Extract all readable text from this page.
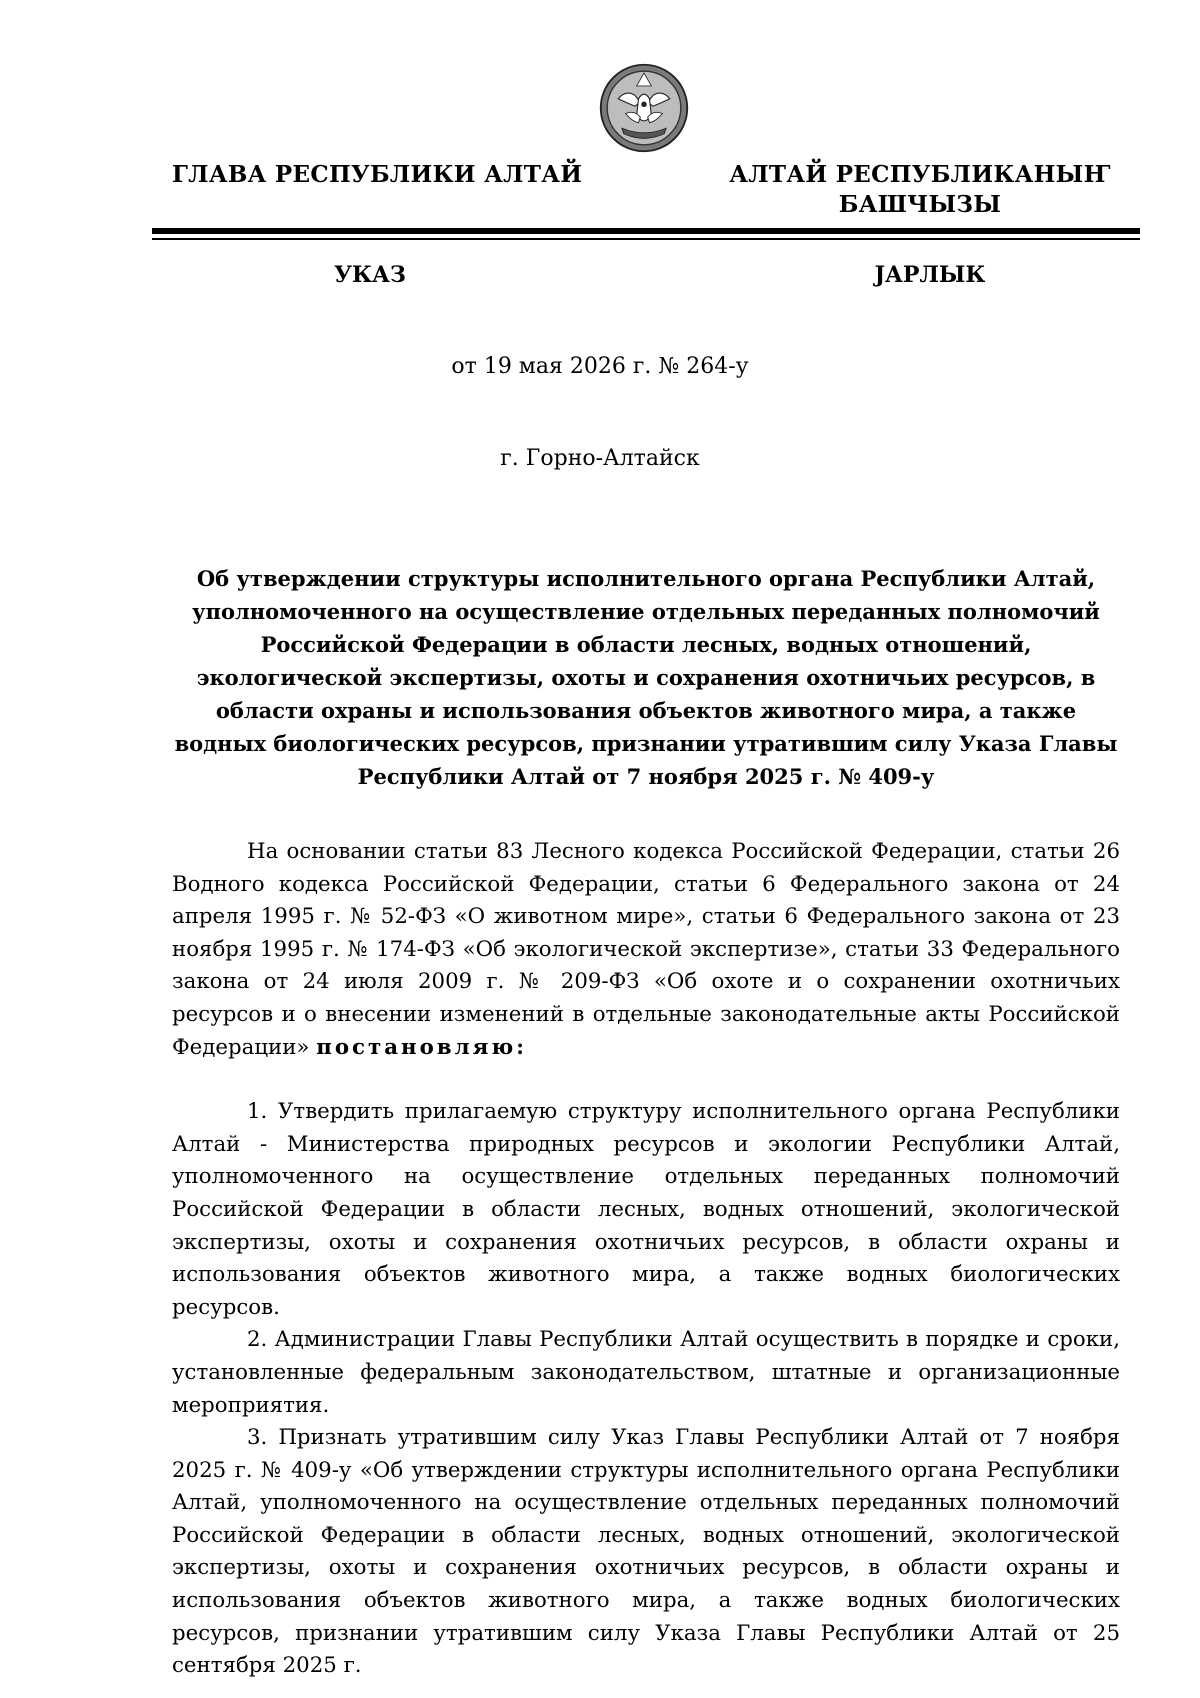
ГЛАВА РЕСПУБЛИКИ АЛТАЙ	АЛТАЙ РЕСПУБЛИКАНЫҤ
БАШЧЫЗЫ
УКАЗ	ЈАРЛЫК
от 19 мая 2026 г. № 264-у
г. Горно-Алтайск
Об утверждении структуры исполнительного органа Республики Алтай, уполномоченного на осуществление отдельных переданных полномочий Российской Федерации в области лесных, водных отношений, экологической экспертизы, охоты и сохранения охотничьих ресурсов, в области охраны и использования объектов животного мира, а также водных биологических ресурсов, признании утратившим силу Указа Главы Республики Алтай от 7 ноября 2025 г. № 409-у

На основании статьи 83 Лесного кодекса Российской Федерации, статьи 26 Водного кодекса Российской Федерации, статьи 6 Федерального закона от 24 апреля 1995 г. № 52-ФЗ «О животном мире», статьи 6 Федерального закона от 23 ноября 1995 г. № 174-ФЗ «Об экологической экспертизе», статьи 33 Федерального закона от 24 июля 2009 г. № 209-ФЗ «Об охоте и о сохранении охотничьих ресурсов и о внесении изменений в отдельные законодательные акты Российской Федерации» постановляю:

1. Утвердить прилагаемую структуру исполнительного органа Республики Алтай - Министерства природных ресурсов и экологии Республики Алтай, уполномоченного на осуществление отдельных переданных полномочий Российской Федерации в области лесных, водных отношений, экологической экспертизы, охоты и сохранения охотничьих ресурсов, в области охраны и использования объектов животного мира, а также водных биологических ресурсов.

2. Администрации Главы Республики Алтай осуществить в порядке и сроки, установленные федеральным законодательством, штатные и организационные мероприятия.

3. Признать утратившим силу Указ Главы Республики Алтай от 7 ноября 2025 г. № 409-у «Об утверждении структуры исполнительного органа Республики Алтай, уполномоченного на осуществление отдельных переданных полномочий Российской Федерации в области лесных, водных отношений, экологической экспертизы, охоты и сохранения охотничьих ресурсов, в области охраны и использования объектов животного мира, а также водных биологических ресурсов, признании утратившим силу Указа Главы Республики Алтай от 25 сентября 2025 г.
